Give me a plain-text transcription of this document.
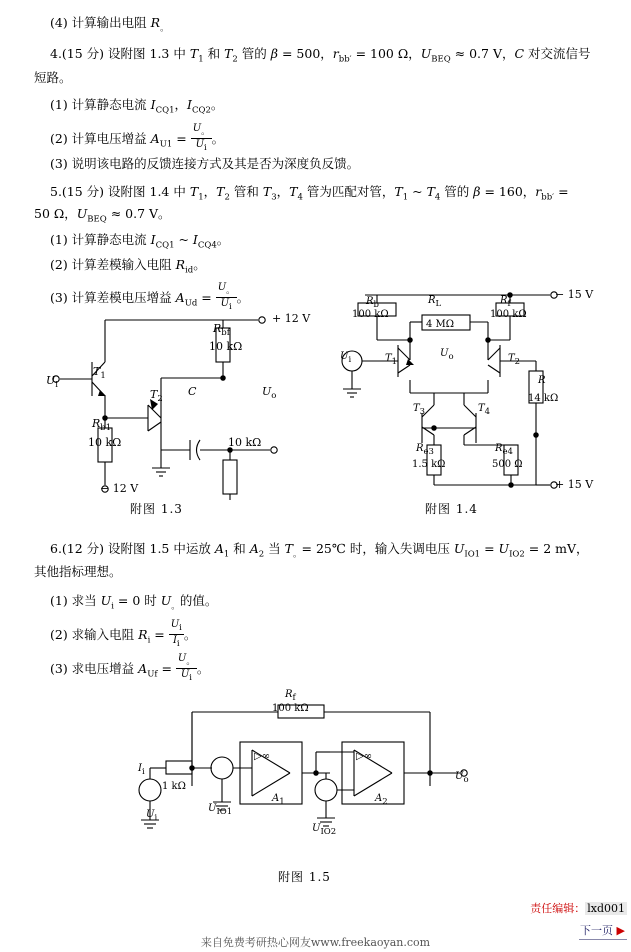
(4) 计算输出电阻 $R_。$
4.(15 分) 设附图 1.3 中 $T_1$ 和 $T_2$ 管的 β = 500，$r_{bb'} = 100$ Ω，$U_{BEQ} \approx 0.7$ V，C 对交流信号
短路。
(1) 计算静态电流 $I_{CQ1}$，$I_{CQ2}$。
(2) 计算电压增益 $A_{U1} = \frac{U_。}{U_i}$ 。
(3) 说明该电路的反馈连接方式及其是否为深度负反馈。
5.(15 分) 设附图 1.4 中 $T_1$，$T_2$ 管和 $T_3$，$T_4$ 管为匹配对管，$T_1$ ~ $T_4$ 管的 β = 160，$r_{bb'}$ =
50 Ω，$U_{BEQ} \approx 0.7$ V。
(1) 计算静态电流 $I_{CQ1}$ ~ $I_{CQ4}$。
(2) 计算差模输入电阻 $R_{id}$。
(3) 计算差模电压增益 $A_{Ud} = \frac{U_。}{U_i}$ 。
6.(12 分) 设附图 1.5 中运放 $A_1$ 和 $A_2$ 当 $T_。=$ 25℃ 时，输入失调电压 $U_{IO1} = U_{IO2} = 2$ mV，
其他指标理想。
(1) 求当 $U_i = 0$ 时 $U_。$的值。
(2) 求输入电阻 $R_i = \frac{U_i}{I_i}$ 。
(3) 求电压增益 $A_{Uf} = \frac{U_。}{U_i}$ 。
$U_i$
$T_1$
$T_2$
C	$U_o$
$R_{b1}$
10 kΩ
$R_{bf}$
10 kΩ
10 kΩ
+ 12 V
− 12 V
附图 1.3
$R_b$
100 kΩ
$R_L$
4 MΩ
$R_f$
100 kΩ
− 15 V
+ 15 V
$T_1$	$T_2$
$T_3$	$T_4$
$U_o$
$U_i$
$R_{e3}$
1.5 kΩ
$R_{e4}$
500 Ω
R
14 kΩ
附图 1.4
$R_f$
100 kΩ
$I_i$
1 kΩ
$U_i$
$U_{IO1}$
$U_{IO2}$
$A_1$	$A_2$
$U_o$
▷∞	▷∞
附图 1.5
责任编辑： lxd001
下一页 ▶
来自免费考研热心网友www.freekaoyan.com
